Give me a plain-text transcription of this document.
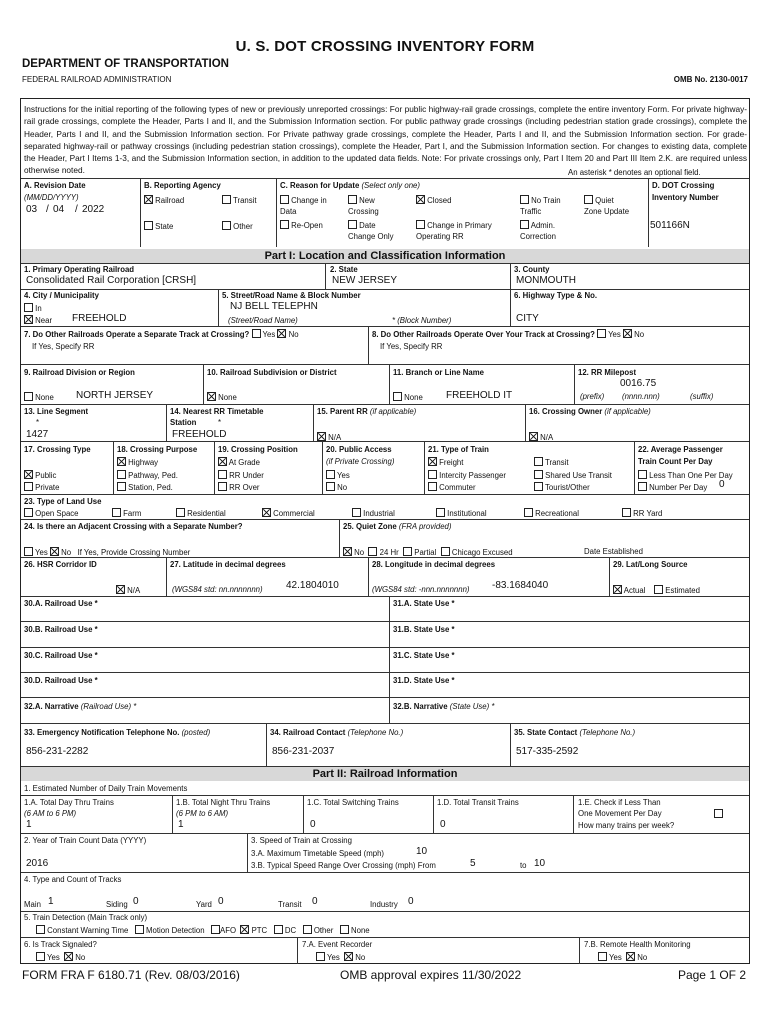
U. S. DOT CROSSING INVENTORY FORM
DEPARTMENT OF TRANSPORTATION
FEDERAL RAILROAD ADMINISTRATION	OMB No. 2130-0017
Instructions for the initial reporting of the following types of new or previously unreported crossings: For public highway-rail grade crossings, complete the entire inventory Form. For private highway-rail grade crossings, complete the Header, Parts I and II, and the Submission Information section. For public pathway grade crossings (including pedestrian station grade crossings), complete the Header, Parts I and II, and the Submission Information section. For Private pathway grade crossings, complete the Header, Parts I and II, and the Submission Information section. For grade-separated highway-rail or pathway crossings (including pedestrian station crossings), complete the Header, Part I, and the Submission Information section. For changes to existing data, complete the Header, Part I Items 1-3, and the Submission Information section, in addition to the updated data fields. Note: For private crossings only, Part I Item 20 and Part III Item 2.K. are required unless otherwise noted.	An asterisk * denotes an optional field.
A. Revision Date
(MM/DD/YYYY)
03 / 04 / 2022
B. Reporting Agency
Railroad	Transit
State	Other
C. Reason for Update (Select only one)
Change in
Data
New
Crossing
Closed	No Train
Traffic
Quiet
Zone Update
Re-Open	Date
Change Only
Change in Primary
Operating RR
Admin.
Correction
D. DOT Crossing
Inventory Number
501166N
Part I: Location and Classification Information
1. Primary Operating Railroad
Consolidated Rail Corporation [CRSH]
2. State
NEW JERSEY
3. County
MONMOUTH
4. City / Municipality
In
Near FREEHOLD
5. Street/Road Name & Block Number
NJ BELL TELEPHN
(Street/Road Name)	* (Block Number)
6. Highway Type & No.
CITY
7. Do Other Railroads Operate a Separate Track at Crossing? Yes No
If Yes, Specify RR
8. Do Other Railroads Operate Over Your Track at Crossing? Yes No
If Yes, Specify RR
9. Railroad Division or Region
None NORTH JERSEY
10. Railroad Subdivision or District
None
11. Branch or Line Name
None FREEHOLD IT
12. RR Milepost
0016.75
(prefix) (nnnn.nnn)	(suffix)
13. Line Segment
*
1427
14. Nearest RR Timetable
Station	*
FREEHOLD
15. Parent RR (if applicable)
N/A
16. Crossing Owner (if applicable)
N/A
17. Crossing Type
Public
Private
18. Crossing Purpose
Highway
Pathway, Ped.
Station, Ped.
19. Crossing Position
At Grade
RR Under
RR Over
20. Public Access
(if Private Crossing)
Yes
No
21. Type of Train
Freight
Intercity Passenger
Commuter
Transit
Shared Use Transit
Tourist/Other
22. Average Passenger
Train Count Per Day
Less Than One Per Day
Number Per Day 0
23. Type of Land Use
Open Space	Farm	Residential	Commercial	Industrial	Institutional	Recreational	RR Yard
24. Is there an Adjacent Crossing with a Separate Number?
Yes No If Yes, Provide Crossing Number
25. Quiet Zone (FRA provided)
No 24 Hr Partial Chicago Excused	Date Established
26. HSR Corridor ID
N/A
27. Latitude in decimal degrees
(WGS84 std: nn.nnnnnnn) 42.1804010
28. Longitude in decimal degrees
(WGS84 std: -nnn.nnnnnnn) -83.1684040
29. Lat/Long Source
Actual	Estimated
30.A. Railroad Use *	31.A. State Use *
30.B. Railroad Use *	31.B. State Use *
30.C. Railroad Use *	31.C. State Use *
30.D. Railroad Use *	31.D. State Use *
32.A. Narrative (Railroad Use) *	32.B. Narrative (State Use) *
33. Emergency Notification Telephone No. (posted)
856-231-2282
34. Railroad Contact (Telephone No.)
856-231-2037
35. State Contact (Telephone No.)
517-335-2592
Part II: Railroad Information
1. Estimated Number of Daily Train Movements
1.A. Total Day Thru Trains
(6 AM to 6 PM)
1
1.B. Total Night Thru Trains
(6 PM to 6 AM)
1
1.C. Total Switching Trains
0
1.D. Total Transit Trains
0
1.E. Check if Less Than
One Movement Per Day
How many trains per week?
2. Year of Train Count Data (YYYY)
2016
3. Speed of Train at Crossing
3.A. Maximum Timetable Speed (mph)	10
3.B. Typical Speed Range Over Crossing (mph) From	5	to 10
4. Type and Count of Tracks
Main 1	Siding 0	Yard 0	Transit 0	Industry 0
5. Train Detection (Main Track only)
Constant Warning Time Motion Detection AFO PTC DC Other None
6. Is Track Signaled?
Yes No
7.A. Event Recorder
Yes No
7.B. Remote Health Monitoring
Yes No
FORM FRA F 6180.71 (Rev. 08/03/2016)	OMB approval expires 11/30/2022	Page 1 OF 2
